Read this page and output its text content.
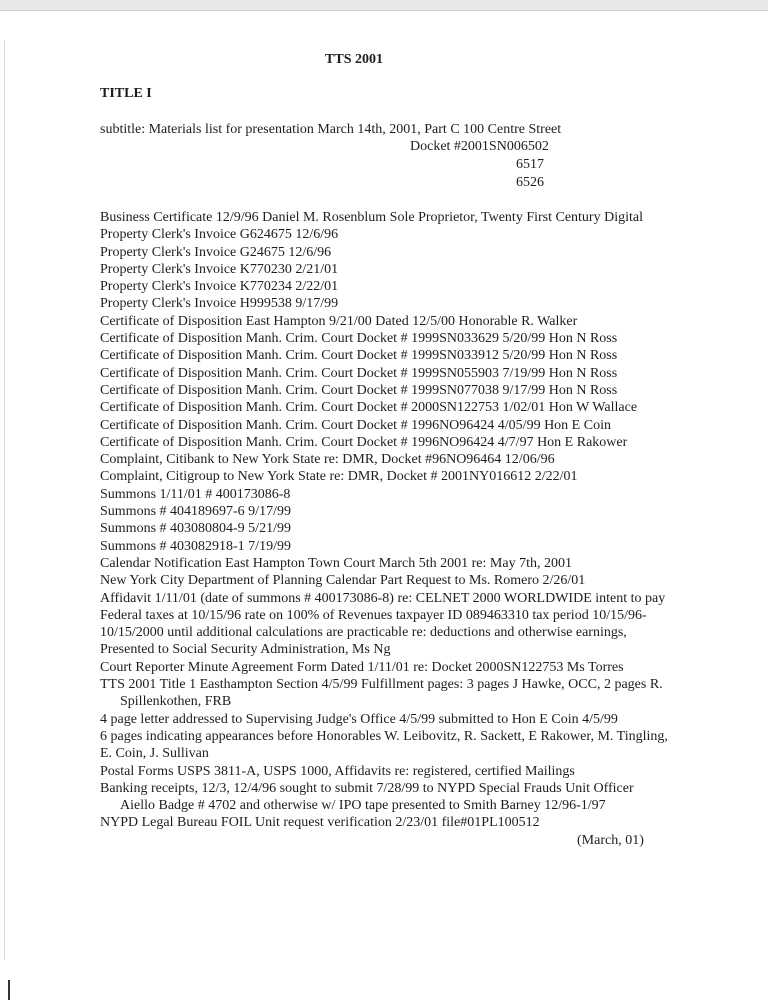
TTS 2001
TITLE I
subtitle: Materials list for presentation March 14th, 2001, Part C 100 Centre Street
Docket #2001SN006502
6517
6526
Business Certificate 12/9/96 Daniel M. Rosenblum Sole Proprietor, Twenty First Century Digital
Property Clerk's Invoice G624675 12/6/96
Property Clerk's Invoice G24675 12/6/96
Property Clerk's Invoice K770230 2/21/01
Property Clerk's Invoice K770234 2/22/01
Property Clerk's Invoice H999538 9/17/99
Certificate of Disposition East Hampton 9/21/00 Dated 12/5/00 Honorable R. Walker
Certificate of Disposition Manh. Crim. Court Docket # 1999SN033629 5/20/99 Hon N Ross
Certificate of Disposition Manh. Crim. Court Docket # 1999SN033912 5/20/99 Hon N Ross
Certificate of Disposition Manh. Crim. Court Docket # 1999SN055903 7/19/99 Hon N Ross
Certificate of Disposition Manh. Crim. Court Docket # 1999SN077038 9/17/99 Hon N Ross
Certificate of Disposition Manh. Crim. Court Docket # 2000SN122753 1/02/01 Hon W Wallace
Certificate of Disposition Manh. Crim. Court Docket # 1996NO96424 4/05/99 Hon E Coin
Certificate of Disposition Manh. Crim. Court Docket # 1996NO96424 4/7/97 Hon E Rakower
Complaint, Citibank to New York State re: DMR, Docket #96NO96464 12/06/96
Complaint, Citigroup to New York State re: DMR, Docket # 2001NY016612 2/22/01
Summons 1/11/01 # 400173086-8
Summons # 404189697-6 9/17/99
Summons # 403080804-9 5/21/99
Summons # 403082918-1 7/19/99
Calendar Notification East Hampton Town Court March 5th 2001 re: May 7th, 2001
New York City Department of Planning Calendar Part Request to Ms. Romero 2/26/01
Affidavit 1/11/01 (date of summons # 400173086-8) re: CELNET 2000 WORLDWIDE intent to pay Federal taxes at 10/15/96 rate on 100% of Revenues taxpayer ID 089463310 tax period 10/15/96-10/15/2000 until additional calculations are practicable re: deductions and otherwise earnings, Presented to Social Security Administration, Ms Ng
Court Reporter Minute Agreement Form Dated 1/11/01 re: Docket 2000SN122753 Ms Torres
TTS 2001 Title 1 Easthampton Section 4/5/99 Fulfillment pages: 3 pages J Hawke, OCC, 2 pages R. Spillenkothen, FRB
4 page letter addressed to Supervising Judge's Office 4/5/99 submitted to Hon E Coin 4/5/99
6 pages indicating appearances before Honorables W. Leibovitz, R. Sackett, E Rakower, M. Tingling, E. Coin, J. Sullivan
Postal Forms USPS 3811-A, USPS 1000, Affidavits re: registered, certified Mailings
Banking receipts, 12/3, 12/4/96 sought to submit 7/28/99 to NYPD Special Frauds Unit Officer Aiello Badge # 4702 and otherwise w/ IPO tape presented to Smith Barney 12/96-1/97
NYPD Legal Bureau FOIL Unit request verification 2/23/01 file#01PL100512
(March, 01)
